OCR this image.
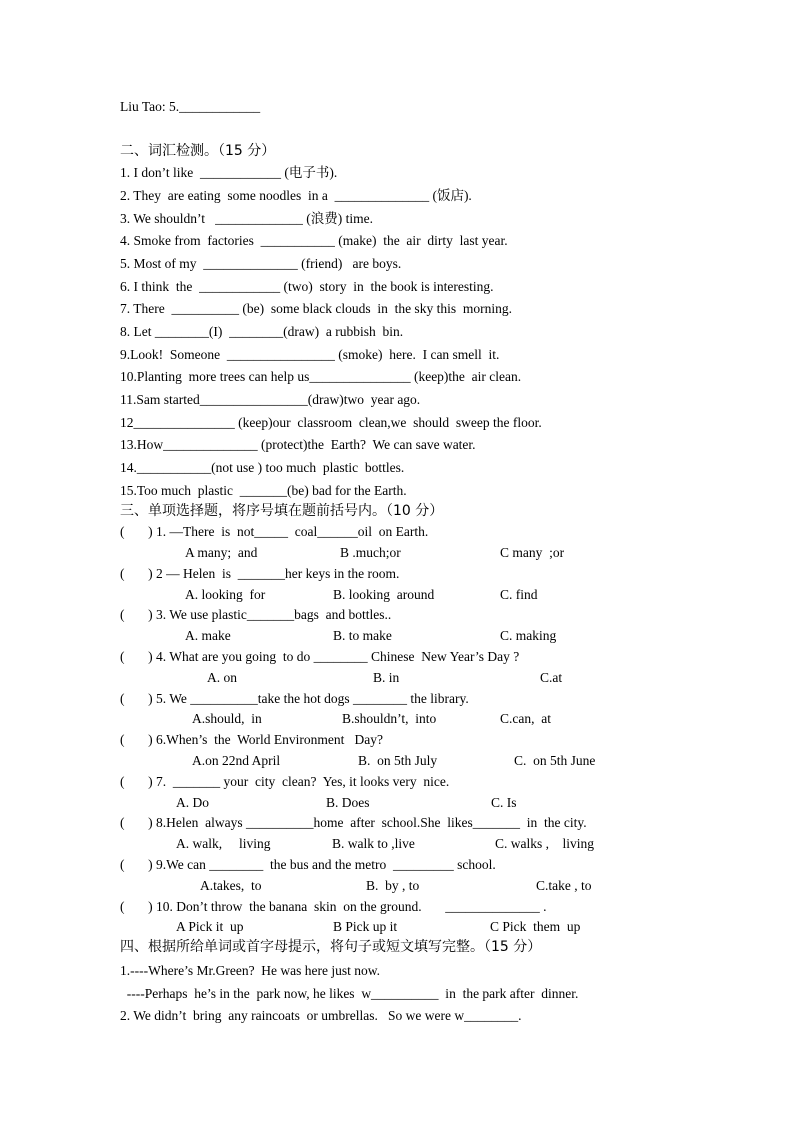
Liu Tao: 5.____________
二、词汇检测。（15 分）
1. I don’t like  ____________ (电子书).
2. They  are eating  some noodles  in a  ______________ (饭店).
3. We shouldn’t   _____________ (浪费) time.
4. Smoke from  factories  ___________ (make)  the  air  dirty  last year.
5. Most of my  ______________ (friend)   are boys.
6. I think  the  ____________ (two)  story  in  the book is interesting.
7. There  __________ (be)  some black clouds  in  the sky this  morning.
8. Let ________(I)  ________(draw)  a rubbish  bin.
9.Look!  Someone  ________________ (smoke)  here.  I can smell  it.
10.Planting  more trees can help us_______________ (keep)the  air clean.
11.Sam started________________(draw)two  year ago.
12_______________ (keep)our  classroom  clean,we  should  sweep the floor.
13.How______________ (protect)the  Earth?  We can save water.
14.___________(not use ) too much  plastic  bottles.
15.Too much  plastic  _______(be) bad for the Earth.
三、单项选择题，将序号填在题前括号内。（10 分）
(       ) 1. —There  is  not_____  coal______oil  on Earth.
A many;  and	B .much;or	C many  ;or
(       ) 2 — Helen  is  _______her keys in the room.
A. looking  for	B. looking  around	C. find
(       ) 3. We use plastic_______bags  and bottles..
A. make	B. to make	C. making
(       ) 4. What are you going  to do ________ Chinese  New Year’s Day ?
A. on	B. in	C.at
(       ) 5. We __________take the hot dogs ________ the library.
A.should,  in	B.shouldn’t,  into	C.can,  at
(       ) 6.When’s  the  World Environment   Day?
A.on 22nd April	B.  on 5th July	C.  on 5th June
(       ) 7.  _______ your  city  clean?  Yes, it looks very  nice.
A. Do	B. Does	C. Is
(       ) 8.Helen  always __________home  after  school.She  likes_______  in  the city.
A. walk,     living	B. walk to ,live	C. walks ,    living
(       ) 9.We can ________  the bus and the metro  _________ school.
A.takes,  to	B.  by , to	C.take , to
(       ) 10. Don’t throw  the banana  skin  on the ground.       ______________ .
A Pick it  up	B Pick up it	C Pick  them  up
四、根据所给单词或首字母提示，将句子或短文填写完整。（15 分）
1.----Where’s Mr.Green?  He was here just now.
----Perhaps  he’s in the  park now, he likes  w__________  in  the park after  dinner.
2. We didn’t  bring  any raincoats  or umbrellas.   So we were w________.
